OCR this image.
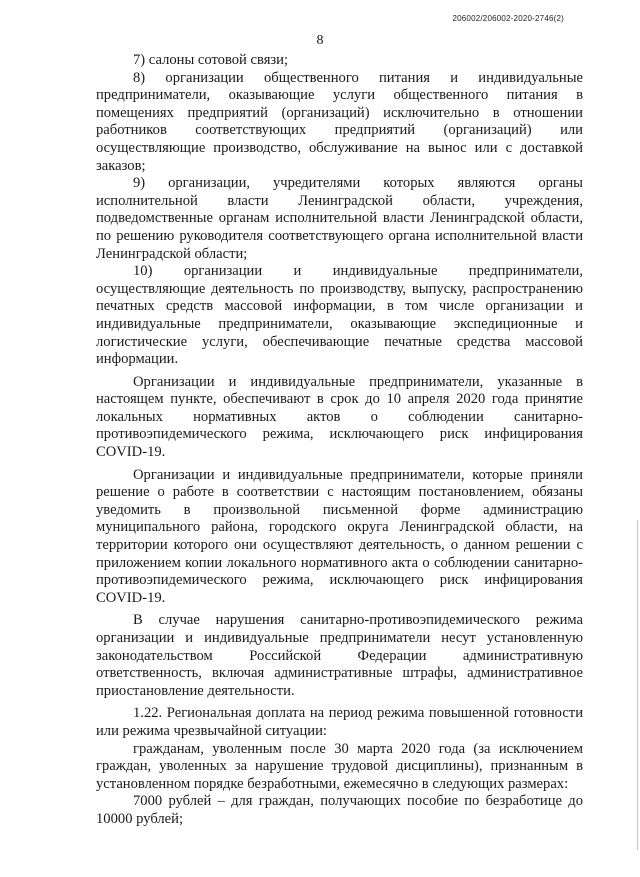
206002/206002-2020-2746(2)
8

7) салоны сотовой связи;

8) организации общественного питания и индивидуальные предприниматели, оказывающие услуги общественного питания в помещениях предприятий (организаций) исключительно в отношении работников соответствующих предприятий (организаций) или осуществляющие производство, обслуживание на вынос или с доставкой заказов;

9) организации, учредителями которых являются органы исполнительной власти Ленинградской области, учреждения, подведомственные органам исполнительной власти Ленинградской области, по решению руководителя соответствующего органа исполнительной власти Ленинградской области;

10) организации и индивидуальные предприниматели, осуществляющие деятельность по производству, выпуску, распространению печатных средств массовой информации, в том числе организации и индивидуальные предприниматели, оказывающие экспедиционные и логистические услуги, обеспечивающие печатные средства массовой информации.

Организации и индивидуальные предприниматели, указанные в настоящем пункте, обеспечивают в срок до 10 апреля 2020 года принятие локальных нормативных актов о соблюдении санитарно-противоэпидемического режима, исключающего риск инфицирования COVID-19.

Организации и индивидуальные предприниматели, которые приняли решение о работе в соответствии с настоящим постановлением, обязаны уведомить в произвольной письменной форме администрацию муниципального района, городского округа Ленинградской области, на территории которого они осуществляют деятельность, о данном решении с приложением копии локального нормативного акта о соблюдении санитарно-противоэпидемического режима, исключающего риск инфицирования COVID-19.

В случае нарушения санитарно-противоэпидемического режима организации и индивидуальные предприниматели несут установленную законодательством Российской Федерации административную ответственность, включая административные штрафы, административное приостановление деятельности.

1.22. Региональная доплата на период режима повышенной готовности или режима чрезвычайной ситуации:

гражданам, уволенным после 30 марта 2020 года (за исключением граждан, уволенных за нарушение трудовой дисциплины), признанным в установленном порядке безработными, ежемесячно в следующих размерах:

7000 рублей – для граждан, получающих пособие по безработице до 10000 рублей;
